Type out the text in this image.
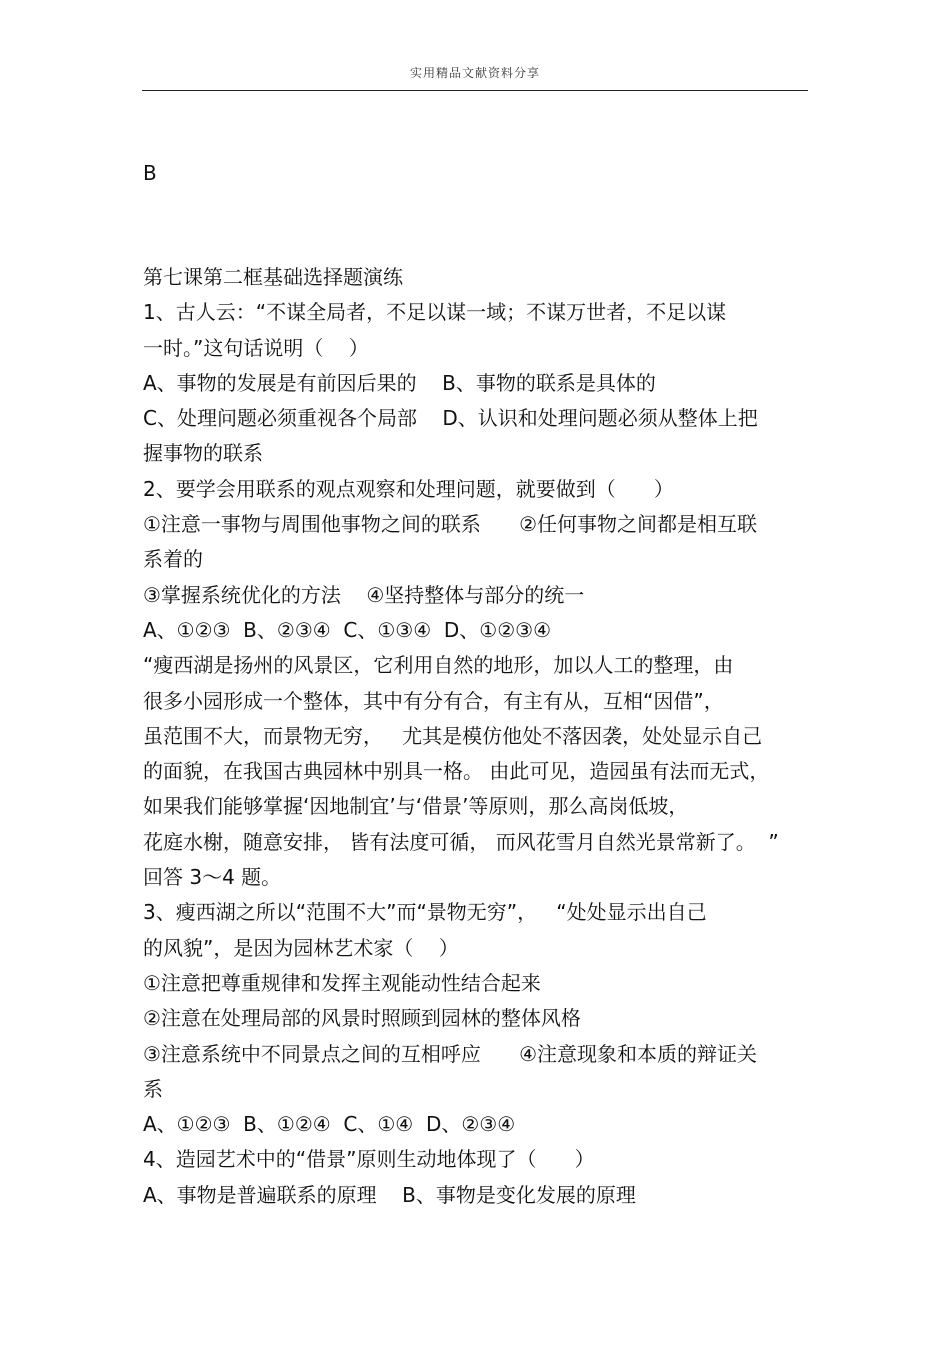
实用精品文献资料分享
B
第七课第二框基础选择题演练
1、古人云：“不谋全局者，不足以谋一域；不谋万世者，不足以谋
一时。”这句话说明（    ）
A、事物的发展是有前因后果的    B、事物的联系是具体的
C、处理问题必须重视各个局部    D、认识和处理问题必须从整体上把
握事物的联系
2、要学会用联系的观点观察和处理问题，就要做到（      ）
①注意一事物与周围他事物之间的联系      ②任何事物之间都是相互联
系着的
③掌握系统优化的方法    ④坚持整体与部分的统一
A、①②③  B、②③④  C、①③④  D、①②③④
“瘦西湖是扬州的风景区，它利用自然的地形，加以人工的整理，由
很多小园形成一个整体，其中有分有合，有主有从，互相“因借”，
虽范围不大，而景物无穷，   尤其是模仿他处不落因袭，处处显示自己
的面貌，在我国古典园林中别具一格。 由此可见，造园虽有法而无式，
如果我们能够掌握‘因地制宜’与‘借景’等原则，那么高岗低坡，
花庭水榭，随意安排， 皆有法度可循， 而风花雪月自然光景常新了。  ”
回答 3～4 题。
3、瘦西湖之所以“范围不大”而“景物无穷”，   “处处显示出自己
的风貌”，是因为园林艺术家（    ）
①注意把尊重规律和发挥主观能动性结合起来
②注意在处理局部的风景时照顾到园林的整体风格
③注意系统中不同景点之间的互相呼应      ④注意现象和本质的辩证关
系
A、①②③  B、①②④  C、①④  D、②③④
4、造园艺术中的“借景”原则生动地体现了（      ）
A、事物是普遍联系的原理    B、事物是变化发展的原理
